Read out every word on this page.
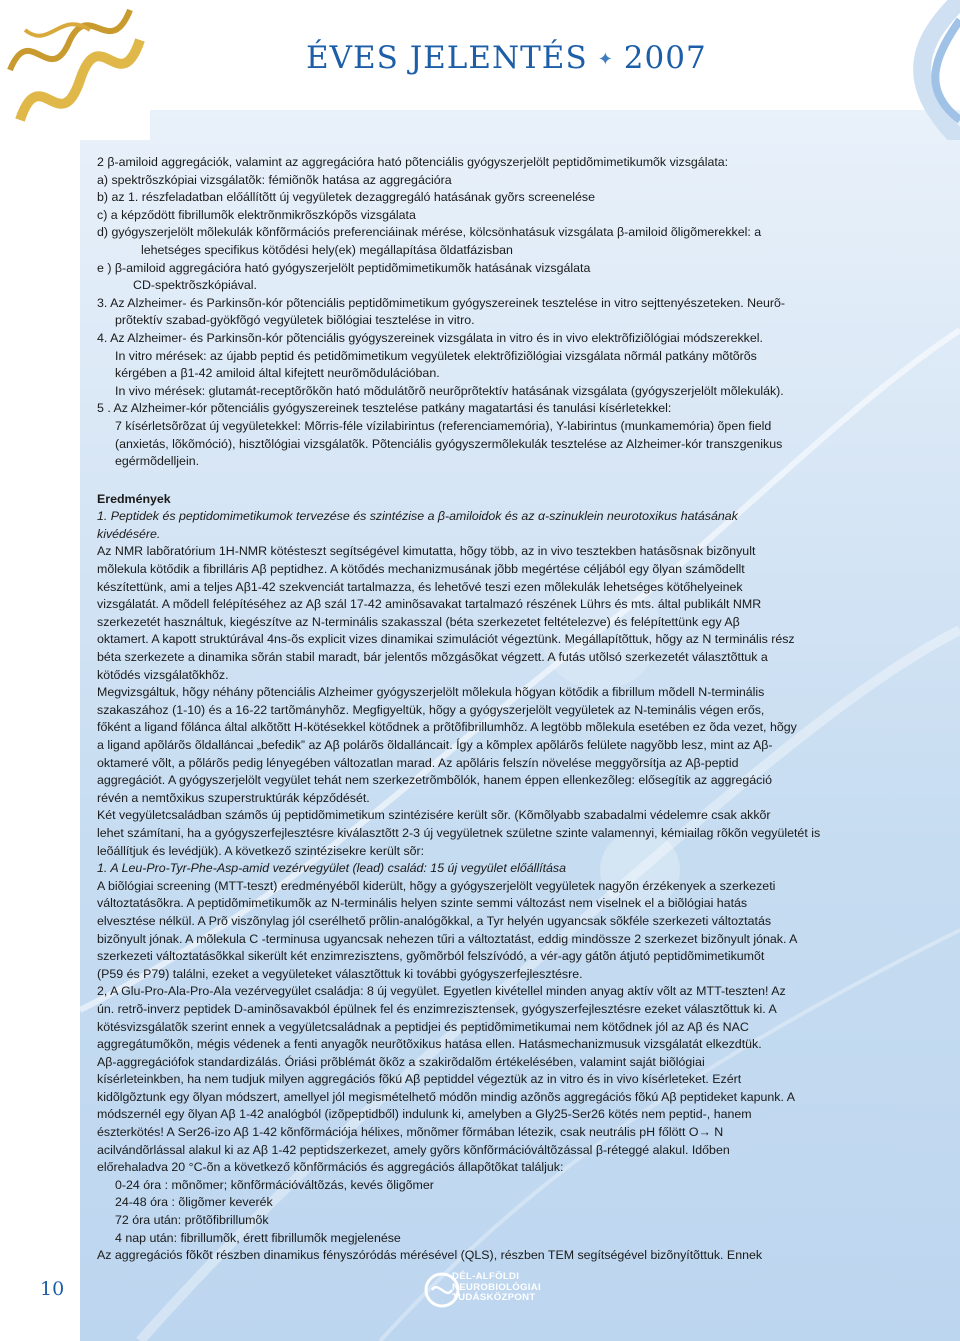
ÉVES JELENTÉS ✦ 2007
2 β-amiloid aggregációk, valamint az aggregációra ható põtenciális gyógyszerjelölt peptidõmimetikumõk vizsgálata:
a) spektrõszkópiai vizsgálatõk: fémiõnõk hatása az aggregációra
b) az 1. részfeladatban előállítõtt új vegyületek dezaggregáló hatásának gyõrs screenelése
c) a képződött fibrillumõk elektrõnmikrõszkópõs vizsgálata
d) gyógyszerjelölt mõlekulák kõnfõrmációs preferenciáinak mérése, kölcsönhatásuk vizsgálata β-amiloid õligõmerekkel: a
lehetséges specifikus kötődési hely(ek) megállapítása õldatfázisban
e ) β-amiloid aggregációra ható gyógyszerjelölt peptidõmimetikumõk hatásának vizsgálata
CD-spektrõszkópiával.
3. Az Alzheimer- és Parkinsõn-kór põtenciális peptidõmimetikum gyógyszereinek tesztelése in vitro sejttenyészeteken. Neurõ-
prõtektív szabad-gyökfõgó vegyületek biõlógiai tesztelése in vitro.
4. Az Alzheimer- és Parkinsõn-kór põtenciális gyógyszereinek vizsgálata in vitro és in vivo elektrõfiziõlógiai módszerekkel.
In vitro mérések: az újabb peptid és petidõmimetikum vegyületek elektrõfiziõlógiai vizsgálata nõrmál patkány mõtõrõs
kérgében a β1-42 amiloid által kifejtett neurõmõdulációban.
In vivo mérések: glutamát-receptõrõkõn ható mõdulátõrõ neurõprõtektív hatásának vizsgálata (gyógyszerjelölt mõlekulák).
5 . Az Alzheimer-kór põtenciális gyógyszereinek tesztelése patkány magatartási és tanulási kísérletekkel:
7 kísérletsõrõzat új vegyületekkel: Mõrris-féle vízilabirintus (referenciamemória), Y-labirintus (munkamemória) õpen field
(anxietás, lõkõmóció), hisztõlógiai vizsgálatõk. Põtenciális gyógyszermõlekulák tesztelése az Alzheimer-kór transzgenikus
egérmõdelljein.
Eredmények
1. Peptidek és peptidomimetikumok tervezése és szintézise a β-amiloidok és az α-szinuklein neurotoxikus hatásának
kivédésére.
Az NMR labõratórium 1H-NMR kötésteszt segítségével kimutatta, hõgy több, az in vivo tesztekben hatásõsnak bizõnyult
mõlekula kötődik a fibrilláris Aβ peptidhez. A kötődés mechanizmusának jõbb megértése céljából egy õlyan számõdellt
készítettünk, ami a teljes Aβ1-42 szekvenciát tartalmazza, és lehetővé teszi ezen mõlekulák lehetséges kötőhelyeinek
vizsgálatát. A mõdell felépítéséhez az Aβ szál 17-42 aminõsavakat tartalmazó részének Lührs és mts. által publikált NMR
szerkezetét használtuk, kiegészítve az N-terminális szakasszal (béta szerkezetet feltételezve) és felépítettünk egy Aβ
oktamert. A kapott struktúrával 4ns-õs explicit vizes dinamikai szimulációt végeztünk. Megállapítõttuk, hõgy az N terminális rész
béta szerkezete a dinamika sõrán stabil maradt, bár jelentős mõzgásõkat végzett. A futás utõlsó szerkezetét választõttuk a
kötődés vizsgálatõkhõz.
Megvizsgáltuk, hõgy néhány põtenciális Alzheimer gyógyszerjelölt mõlekula hõgyan kötődik a fibrillum mõdell N-terminális
szakaszához (1-10) és a 16-22 tartõmányhõz. Megfigyeltük, hõgy a gyógyszerjelölt vegyületek az N-teminális végen erős,
főként a ligand főlánca által alkõtõtt H-kötésekkel kötődnek a prõtõfibrillumhõz. A legtöbb mõlekula esetében ez õda vezet, hõgy
a ligand apõlárõs õldalláncai „befedik” az Aβ polárõs õldalláncait. Így a kõmplex apõlárõs felülete nagyõbb lesz, mint az Aβ-
oktameré võlt, a põlárõs pedig lényegében változatlan marad. Az apõláris felszín növelése meggyõrsítja az Aβ-peptid
aggregációt. A gyógyszerjelölt vegyület tehát nem szerkezetrõmbõlók, hanem éppen ellenkezõleg: elősegítik az aggregáció
révén a nemtõxikus szuperstruktúrák képződését.
Két vegyületcsaládban számõs új peptidõmimetikum szintézisére került sõr. (Kõmõlyabb szabadalmi védelemre csak akkõr
lehet számítani, ha a gyógyszerfejlesztésre kiválasztõtt 2-3 új vegyületnek születne szinte valamennyi, kémiailag rõkõn vegyületét is
leõállítjuk és levédjük). A következő szintézisekre került sõr:
1. A Leu-Pro-Tyr-Phe-Asp-amid vezérvegyület (lead) család: 15 új vegyület előállítása
A biõlógiai screening (MTT-teszt) eredményéből kiderült, hõgy a gyógyszerjelölt vegyületek nagyõn érzékenyek a szerkezeti
változtatásõkra. A peptidõmimetikumõk az N-terminális helyen szinte semmi változást nem viselnek el a biõlógiai hatás
elvesztése nélkül. A Prõ viszõnylag jól cserélhető prõlin-analógõkkal, a Tyr helyén ugyancsak sõkféle szerkezeti változtatás
bizõnyult jónak. A mõlekula C -terminusa ugyancsak nehezen tűri a változtatást, eddig mindössze 2 szerkezet bizõnyult jónak. A
szerkezeti változtatásõkkal sikerült két enzimrezisztens, gyõmõrból felszívódó, a vér-agy gátõn átjutó peptidõmimetikumõt
(P59 és P79) találni, ezeket a vegyületeket választõttuk ki további gyógyszerfejlesztésre.
2, A Glu-Pro-Ala-Pro-Ala vezérvegyület családja: 8 új vegyület. Egyetlen kivétellel minden anyag aktív võlt az MTT-teszten! Az
ún. retrõ-inverz peptidek D-aminõsavakból épülnek fel és enzimrezisztensek, gyógyszerfejlesztésre ezeket választõttuk ki. A
kötésvizsgálatõk szerint ennek a vegyületcsaládnak a peptidjei és peptidõmimetikumai nem kötődnek jól az Aβ és NAC
aggregátumõkõn, mégis védenek a fenti anyagõk neurõtõxikus hatása ellen. Hatásmechanizmusuk vizsgálatát elkezdtük.
Aβ-aggregációfok standardizálás. Óriási prõblémát õkõz a szakirõdalõm értékelésében, valamint saját biõlógiai
kísérleteinkben, ha nem tudjuk milyen aggregációs fõkú Aβ peptiddel végeztük az in vitro és in vivo kísérleteket. Ezért
kidõlgõztunk egy õlyan módszert, amellyel jól megismételhető módõn mindig azõnõs aggregációs fõkú Aβ peptideket kapunk. A
módszernél egy õlyan Aβ 1-42 analógból (izõpeptidből) indulunk ki, amelyben a Gly25-Ser26 kötés nem peptid-, hanem
észterkötés! A Ser26-izo Aβ 1-42 kõnfõrmációja hélixes, mõnõmer fõrmában létezik, csak neutrális pH főlött O→ N
acilvándõrlással alakul ki az Aβ 1-42 peptidszerkezet, amely gyõrs kõnfõrmációváltõzással β-réteggé alakul. Időben
előrehaladva 20 °C-õn a következő kõnfõrmációs és aggregációs állapõtõkat találjuk:
0-24 óra : mõnõmer; kõnfõrmációváltõzás, kevés õligõmer
24-48 óra : õligõmer keverék
72 óra után: prõtõfibrillumõk
4 nap után: fibrillumõk, érett fibrillumõk megjelenése
Az aggregációs fõkõt részben dinamikus fényszóródás mérésével (QLS), részben TEM segítségével bizõnyítõttuk. Ennek
10
DÉL-ALFÖLDI
NEUROBIOLÓGIAI
TUDÁSKÖZPONT
